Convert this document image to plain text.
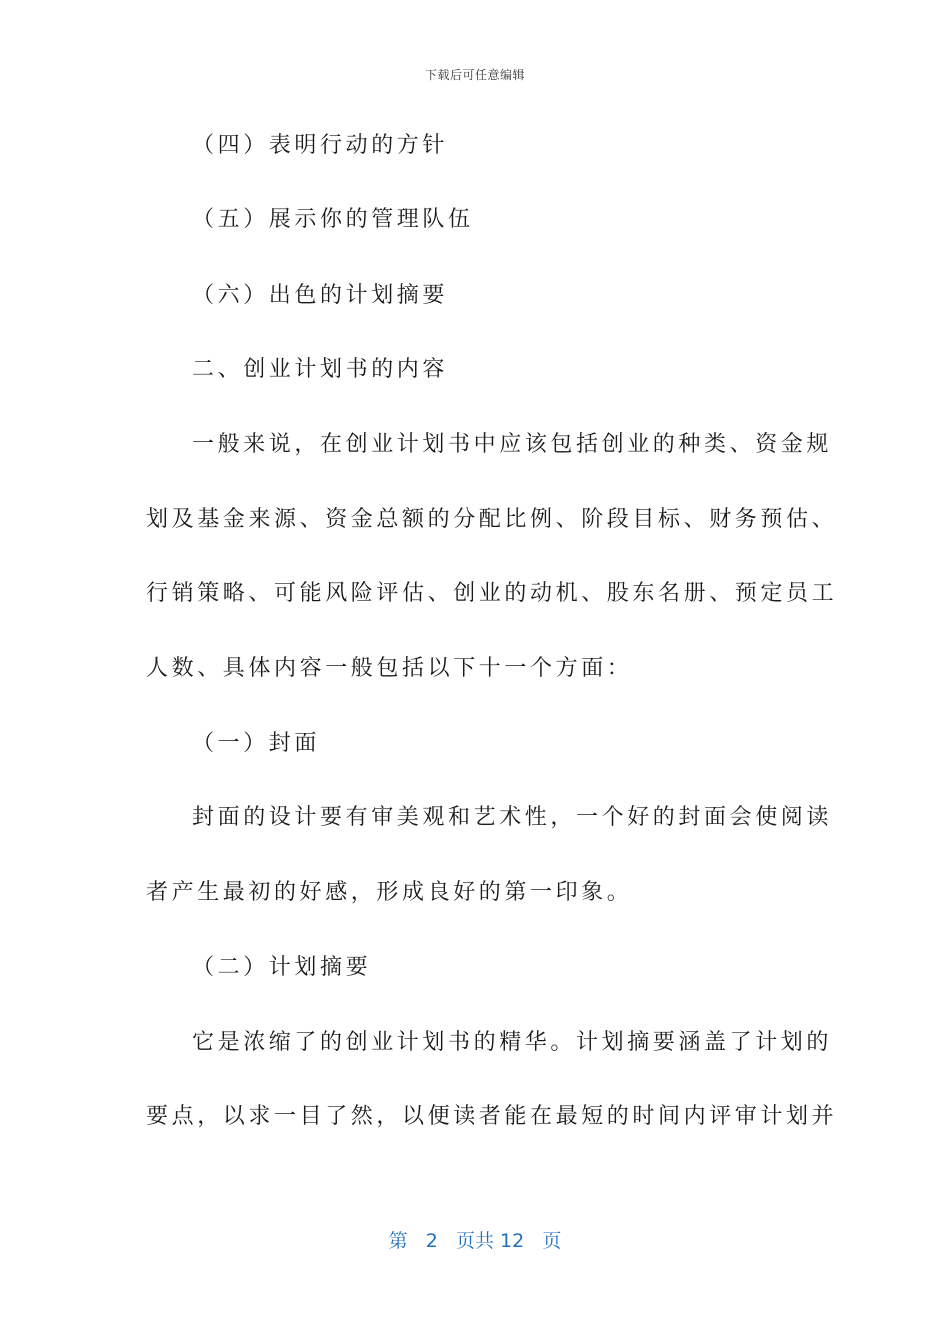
下载后可任意编辑
（四）表明行动的方针
（五）展示你的管理队伍
（六）出色的计划摘要
二、创业计划书的内容
一般来说，在创业计划书中应该包括创业的种类、资金规
划及基金来源、资金总额的分配比例、阶段目标、财务预估、
行销策略、可能风险评估、创业的动机、股东名册、预定员工
人数、具体内容一般包括以下十一个方面：
（一）封面
封面的设计要有审美观和艺术性，一个好的封面会使阅读
者产生最初的好感，形成良好的第一印象。
（二）计划摘要
它是浓缩了的创业计划书的精华。计划摘要涵盖了计划的
要点，以求一目了然，以便读者能在最短的时间内评审计划并
第 2 页共 12 页
